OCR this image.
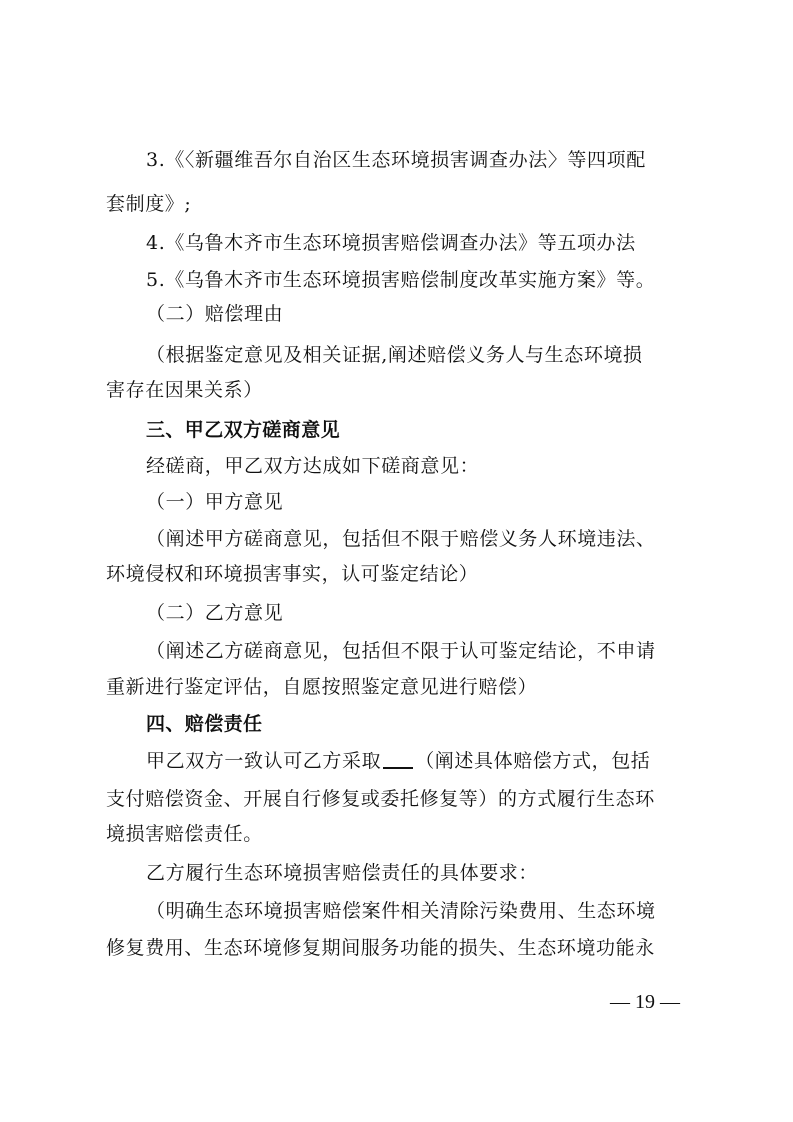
3.《〈新疆维吾尔自治区生态环境损害调查办法〉等四项配
套制度》;
4.《乌鲁木齐市生态环境损害赔偿调查办法》等五项办法
5.《乌鲁木齐市生态环境损害赔偿制度改革实施方案》等。
（二）赔偿理由
（根据鉴定意见及相关证据,阐述赔偿义务人与生态环境损
害存在因果关系）
三、甲乙双方磋商意见
经磋商，甲乙双方达成如下磋商意见：
（一）甲方意见
（阐述甲方磋商意见，包括但不限于赔偿义务人环境违法、
环境侵权和环境损害事实，认可鉴定结论）
（二）乙方意见
（阐述乙方磋商意见，包括但不限于认可鉴定结论，不申请
重新进行鉴定评估，自愿按照鉴定意见进行赔偿）
四、赔偿责任
甲乙双方一致认可乙方采取 （阐述具体赔偿方式，包括
支付赔偿资金、开展自行修复或委托修复等）的方式履行生态环
境损害赔偿责任。
乙方履行生态环境损害赔偿责任的具体要求：
（明确生态环境损害赔偿案件相关清除污染费用、生态环境
修复费用、生态环境修复期间服务功能的损失、生态环境功能永
— 19 —
